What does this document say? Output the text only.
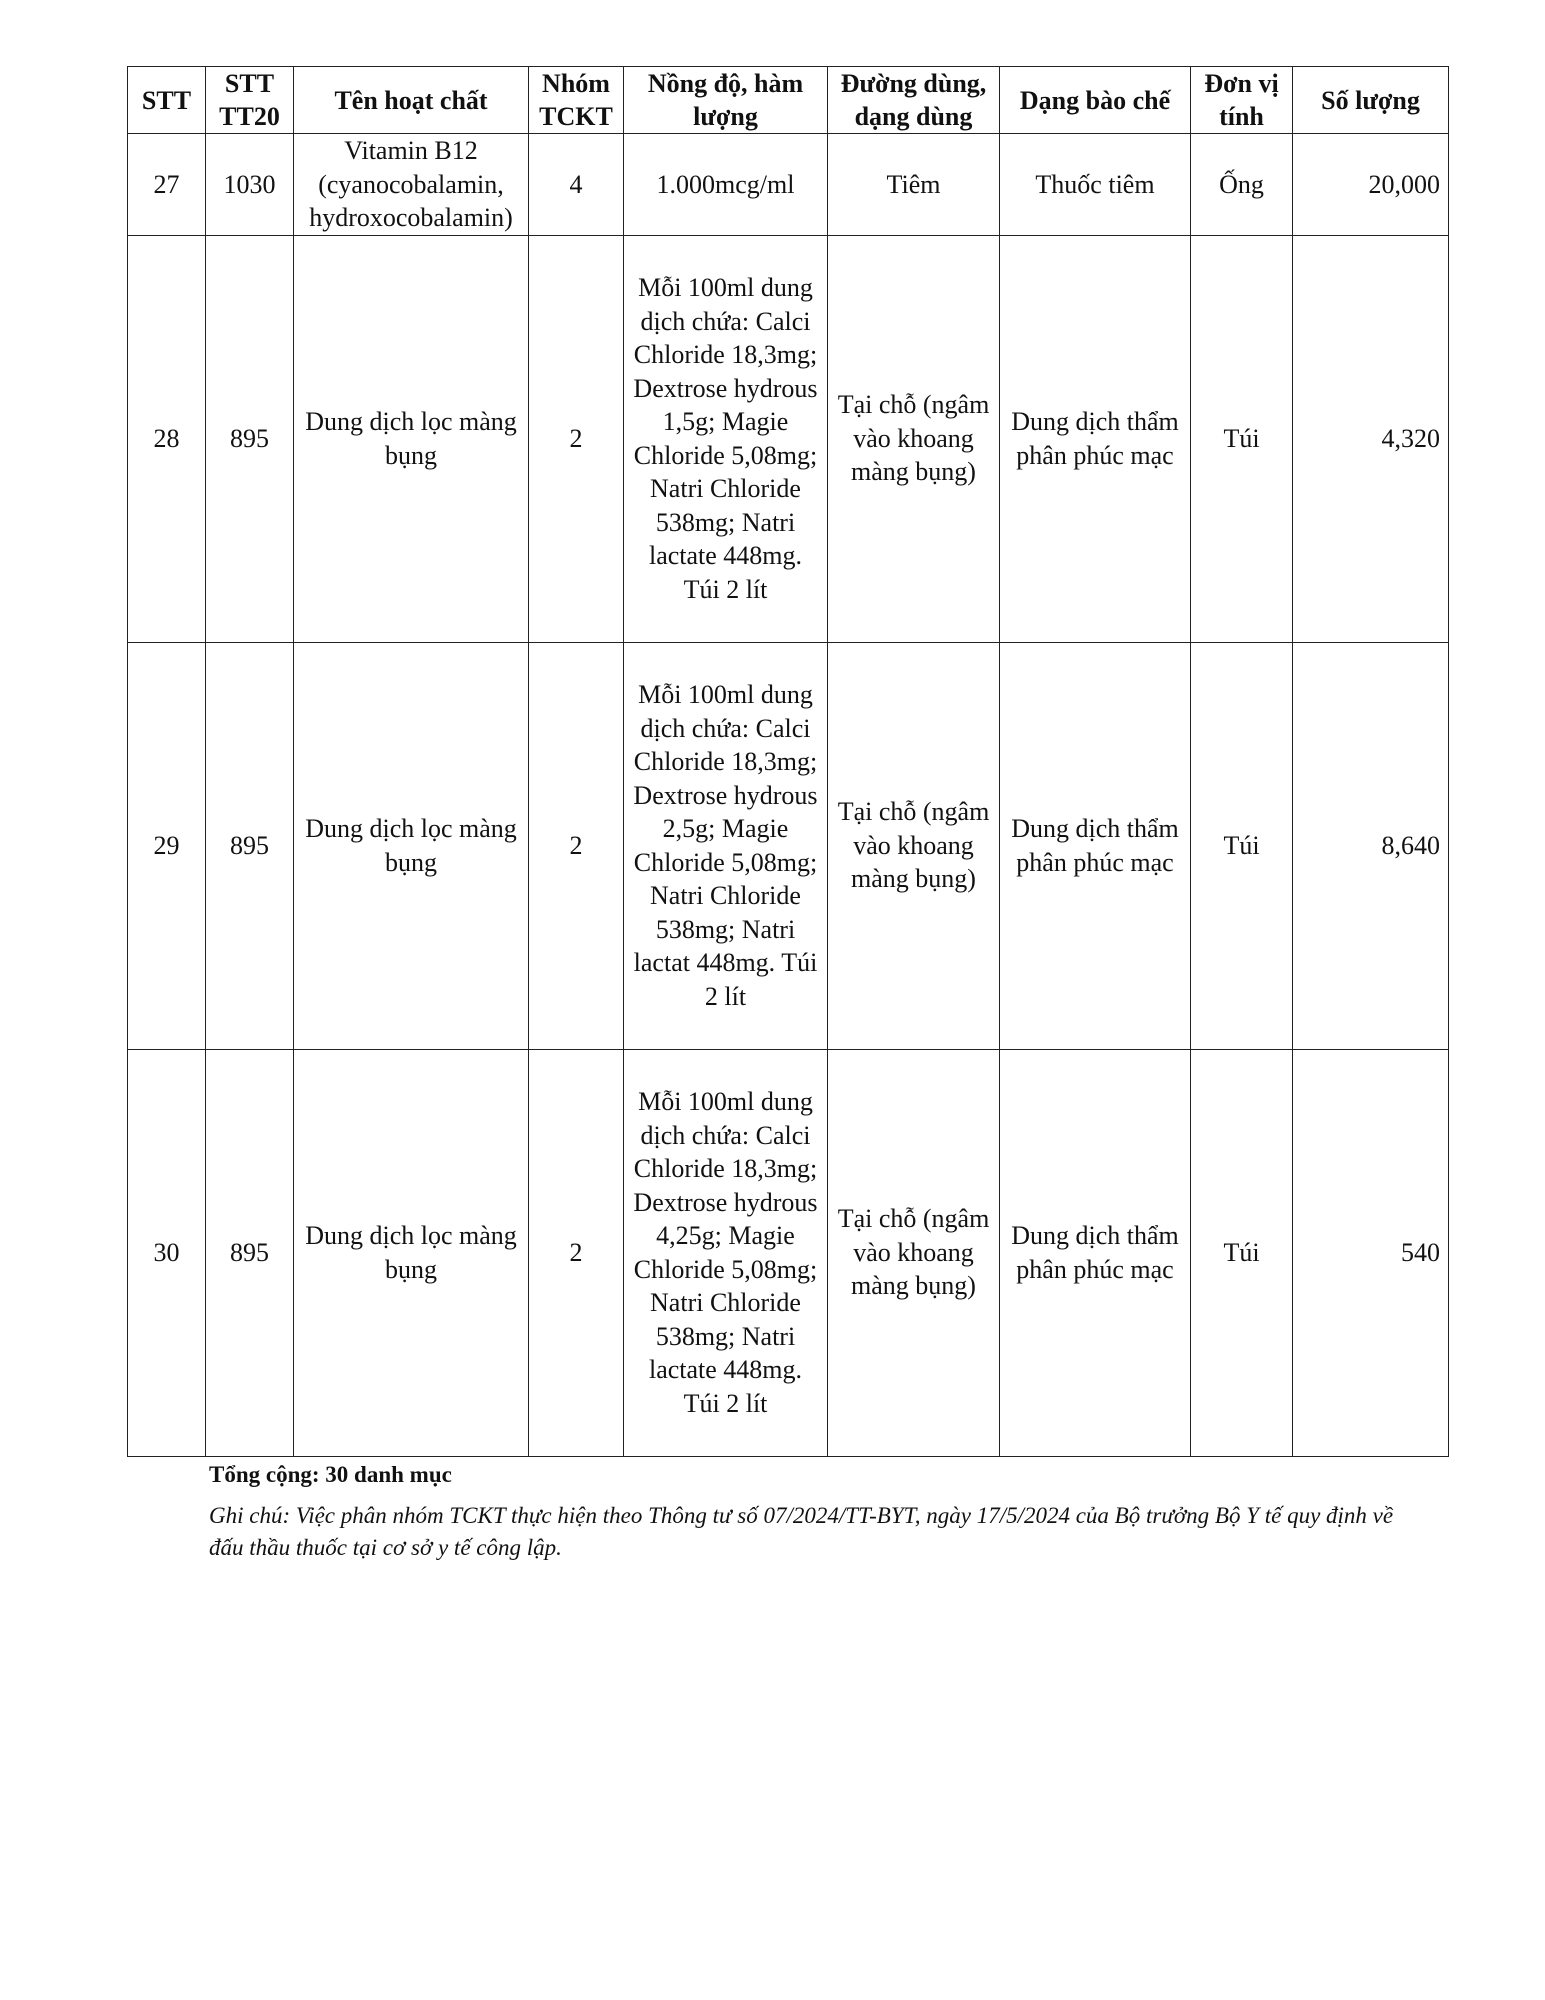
STT	STT TT20	Tên hoạt chất	Nhóm TCKT	Nồng độ, hàm lượng	Đường dùng, dạng dùng	Dạng bào chế	Đơn vị tính	Số lượng
27	1030	Vitamin B12 (cyanocobalamin, hydroxocobalamin)	4	1.000mcg/ml	Tiêm	Thuốc tiêm	Ống	20,000
28	895	Dung dịch lọc màng bụng	2	Mỗi 100ml dung dịch chứa: Calci Chloride 18,3mg; Dextrose hydrous 1,5g; Magie Chloride 5,08mg; Natri Chloride 538mg; Natri lactate 448mg. Túi 2 lít	Tại chỗ (ngâm vào khoang màng bụng)	Dung dịch thẩm phân phúc mạc	Túi	4,320
29	895	Dung dịch lọc màng bụng	2	Mỗi 100ml dung dịch chứa: Calci Chloride 18,3mg; Dextrose hydrous 2,5g; Magie Chloride 5,08mg; Natri Chloride 538mg; Natri lactat 448mg. Túi 2 lít	Tại chỗ (ngâm vào khoang màng bụng)	Dung dịch thẩm phân phúc mạc	Túi	8,640
30	895	Dung dịch lọc màng bụng	2	Mỗi 100ml dung dịch chứa: Calci Chloride 18,3mg; Dextrose hydrous 4,25g; Magie Chloride 5,08mg; Natri Chloride 538mg; Natri lactate 448mg. Túi 2 lít	Tại chỗ (ngâm vào khoang màng bụng)	Dung dịch thẩm phân phúc mạc	Túi	540
Tổng cộng: 30 danh mục
Ghi chú: Việc phân nhóm TCKT thực hiện theo Thông tư số 07/2024/TT-BYT, ngày 17/5/2024 của Bộ trưởng Bộ Y tế quy định về đấu thầu thuốc tại cơ sở y tế công lập.
